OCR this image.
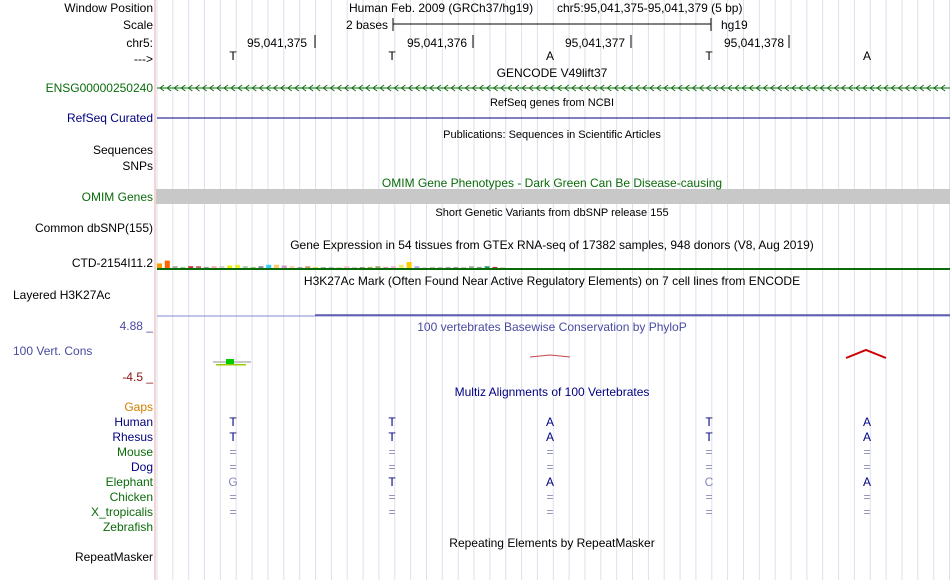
Window Position
Scale
chr5:
--->
Human Feb. 2009 (GRCh37/hg19) chr5:95,041,375-95,041,379 (5 bp)
2 bases	hg19
95,041,375	95,041,376	95,041,377	95,041,378
T	T	A	T	A
GENCODE V49lift37
ENSG00000250240
RefSeq genes from NCBI
RefSeq Curated
Publications: Sequences in Scientific Articles
Sequences
SNPs
OMIM Gene Phenotypes - Dark Green Can Be Disease-causing
OMIM Genes
Short Genetic Variants from dbSNP release 155
Common dbSNP(155)
Gene Expression in 54 tissues from GTEx RNA-seq of 17382 samples, 948 donors (V8, Aug 2019)
CTD-2154I11.2
H3K27Ac Mark (Often Found Near Active Regulatory Elements) on 7 cell lines from ENCODE
Layered H3K27Ac
4.88 _	100 vertebrates Basewise Conservation by PhyloP
100 Vert. Cons
-4.5 _
Multiz Alignments of 100 Vertebrates
Gaps
Human	T	T	A	T	A
Rhesus	T	T	A	T	A
Mouse	=	=	=	=	=
Dog	=	=	=	=	=
Elephant	G	T	A	C	A
Chicken	=	=	=	=	=
X_tropicalis	=	=	=	=	=
Zebrafish
Repeating Elements by RepeatMasker
RepeatMasker
